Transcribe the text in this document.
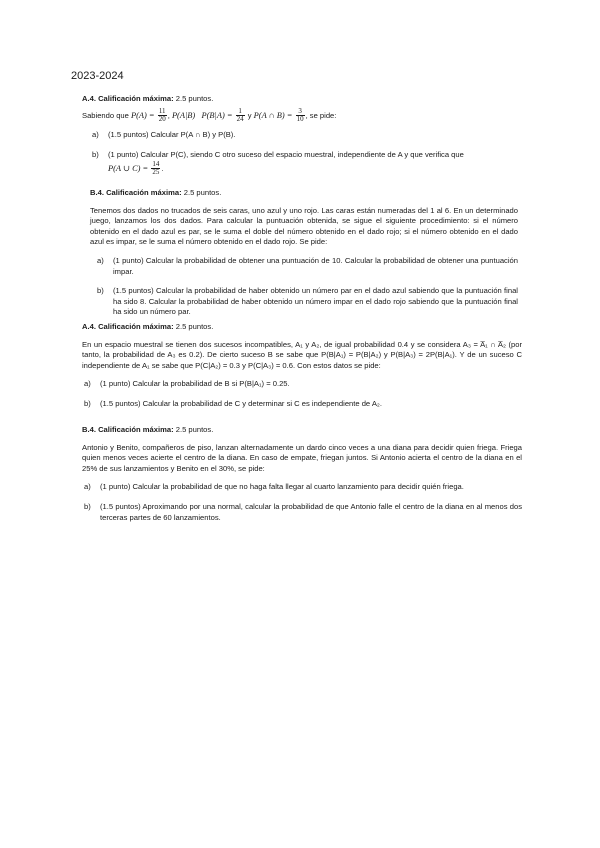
2023-2024
A.4. Calificación máxima: 2.5 puntos.
Sabiendo que $P(A) = \frac{11}{20}$ , P(A|B) $P(B|A) = \frac{1}{24}$ y P(A ∩ $B) = \frac{3}{10}$ , se pide:
a) (1.5 puntos) Calcular P(A ∩ B) y P(B).
b) (1 punto) Calcular P(C), siendo C otro suceso del espacio muestral, independiente de A y que verifica que
P(A ∪ $C) = \frac{14}{25}$ .
B.4. Calificación máxima: 2.5 puntos.
Tenemos dos dados no trucados de seis caras, uno azul y uno rojo. Las caras están numeradas del 1 al 6. En un determinado juego, lanzamos los dos dados. Para calcular la puntuación obtenida, se sigue el siguiente procedimiento: si el número obtenido en el dado azul es par, se le suma el doble del número obtenido en el dado rojo; si el número obtenido en el dado azul es impar, se le suma el número obtenido en el dado rojo. Se pide:
a) (1 punto) Calcular la probabilidad de obtener una puntuación de 10. Calcular la probabilidad de obtener una puntuación impar.
b) (1.5 puntos) Calcular la probabilidad de haber obtenido un número par en el dado azul sabiendo que la puntuación final ha sido 8. Calcular la probabilidad de haber obtenido un número impar en el dado rojo sabiendo que la puntuación final ha sido un número par.
A.4. Calificación máxima: 2.5 puntos.
En un espacio muestral se tienen dos sucesos incompatibles, A₁ y A₂, de igual probabilidad 0.4 y se considera A₃ = A̅₁ ∩ A̅₂ (por tanto, la probabilidad de A₃ es 0.2). De cierto suceso B se sabe que P(B|A₁) = P(B|A₂) y P(B|A₃) = 2P(B|A₁). Y de un suceso C independiente de A₁ se sabe que P(C|A₂) = 0.3 y P(C|A₃) = 0.6. Con estos datos se pide:
a) (1 punto) Calcular la probabilidad de B si P(B|A₁) = 0.25.
b) (1.5 puntos) Calcular la probabilidad de C y determinar si C es independiente de A₂.
B.4. Calificación máxima: 2.5 puntos.
Antonio y Benito, compañeros de piso, lanzan alternadamente un dardo cinco veces a una diana para decidir quien friega. Friega quien menos veces acierte el centro de la diana. En caso de empate, friegan juntos. Si Antonio acierta el centro de la diana en el 25% de sus lanzamientos y Benito en el 30%, se pide:
a) (1 punto) Calcular la probabilidad de que no haga falta llegar al cuarto lanzamiento para decidir quién friega.
b) (1.5 puntos) Aproximando por una normal, calcular la probabilidad de que Antonio falle el centro de la diana en al menos dos terceras partes de 60 lanzamientos.
